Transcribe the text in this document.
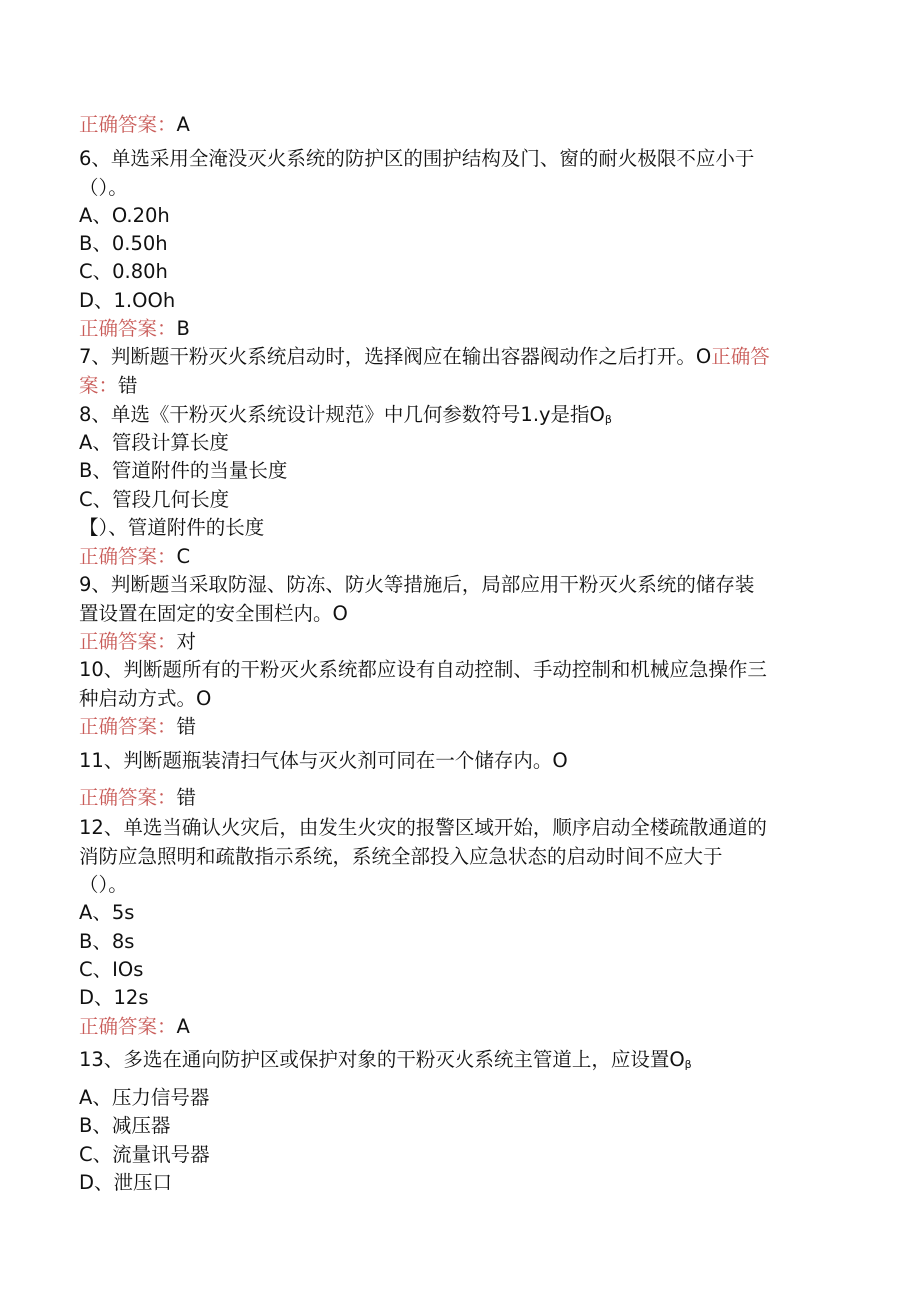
正确答案：A
6、单选采用全淹没灭火系统的防护区的围护结构及门、窗的耐火极限不应小于
（）。
A、O.20h
B、0.50h
C、0.80h
D、1.OOh
正确答案：B
7、判断题干粉灭火系统启动时，选择阀应在输出容器阀动作之后打开。O正确答
案：错
8、单选《干粉灭火系统设计规范》中几何参数符号1.y是指Oβ
A、管段计算长度
B、管道附件的当量长度
C、管段几何长度
【）、管道附件的长度
正确答案：C
9、判断题当采取防湿、防冻、防火等措施后，局部应用干粉灭火系统的储存装
置设置在固定的安全围栏内。O
正确答案：对
10、判断题所有的干粉灭火系统都应设有自动控制、手动控制和机械应急操作三
种启动方式。O
正确答案：错
11、判断题瓶装清扫气体与灭火剂可同在一个储存内。O
正确答案：错
12、单选当确认火灾后，由发生火灾的报警区域开始，顺序启动全楼疏散通道的
消防应急照明和疏散指示系统，系统全部投入应急状态的启动时间不应大于
（）。
A、5s
B、8s
C、IOs
D、12s
正确答案：A
13、多选在通向防护区或保护对象的干粉灭火系统主管道上，应设置Oβ
A、压力信号器
B、减压器
C、流量讯号器
D、泄压口
